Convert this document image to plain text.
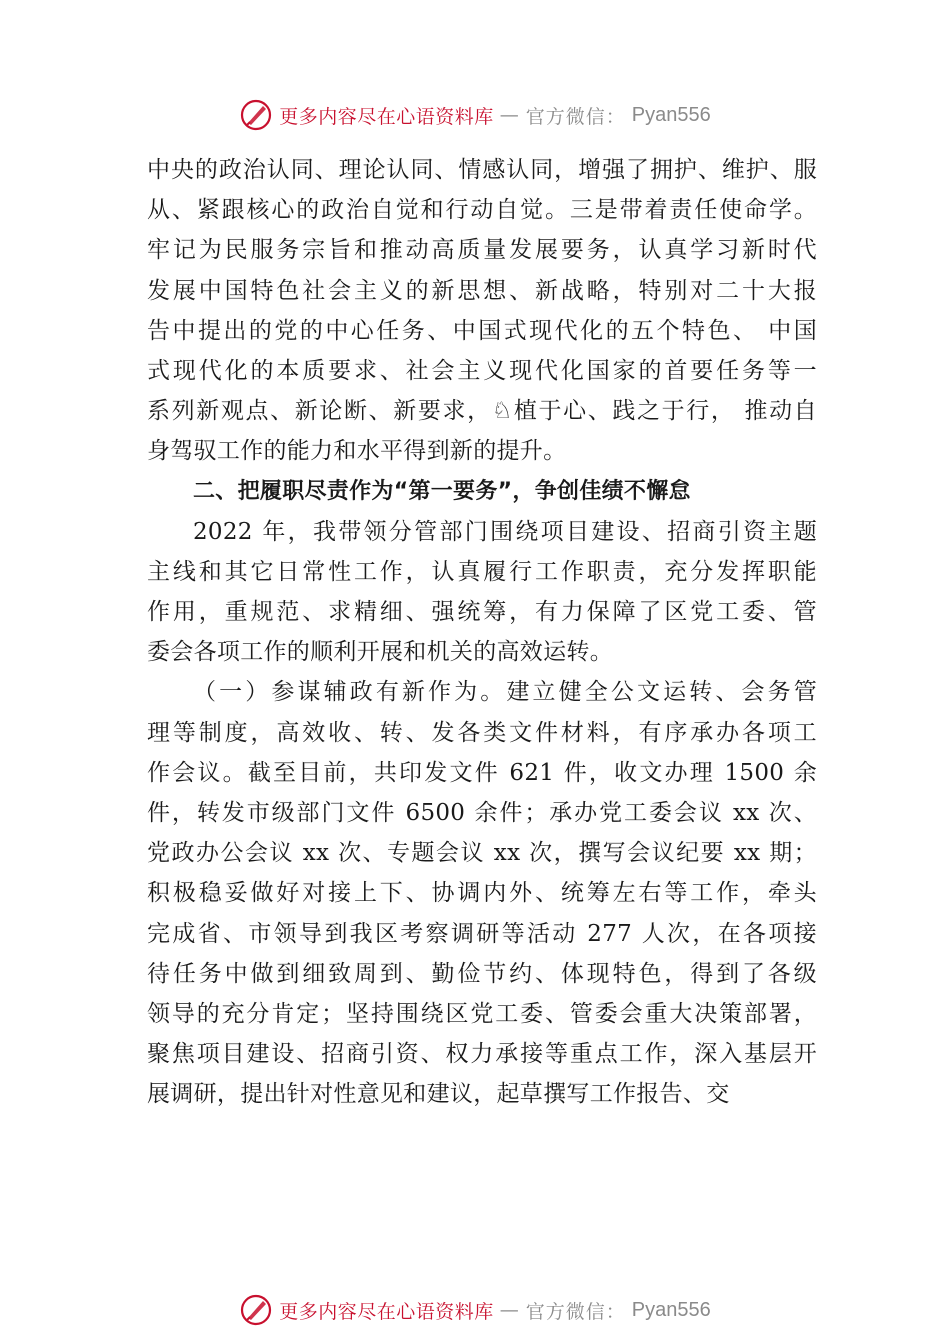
更多内容尽在心语资料库 — 官方微信： Pyan556
中央的政治认同、理论认同、情感认同，增强了拥护、维护、服
从、紧跟核心的政治自觉和行动自觉。三是带着责任使命学。
牢记为民服务宗旨和推动高质量发展要务，认真学习新时代
发展中国特色社会主义的新思想、新战略，特别对二十大报
告中提出的党的中心任务、中国式现代化的五个特色、 中国
式现代化的本质要求、社会主义现代化国家的首要任务等一
系列新观点、新论断、新要求，♘植于心、践之于行， 推动自
身驾驭工作的能力和水平得到新的提升。
二、把履职尽责作为“第一要务”，争创佳绩不懈怠
2022 年，我带领分管部门围绕项目建设、招商引资主题
主线和其它日常性工作，认真履行工作职责，充分发挥职能
作用，重规范、求精细、强统筹，有力保障了区党工委、管
委会各项工作的顺利开展和机关的高效运转。
（一）参谋辅政有新作为。建立健全公文运转、会务管
理等制度，高效收、转、发各类文件材料，有序承办各项工
作会议。截至目前，共印发文件 621 件，收文办理 1500 余
件，转发市级部门文件 6500 余件；承办党工委会议 xx 次、
党政办公会议 xx 次、专题会议 xx 次，撰写会议纪要 xx 期；
积极稳妥做好对接上下、协调内外、统筹左右等工作，牵头
完成省、市领导到我区考察调研等活动 277 人次，在各项接
待任务中做到细致周到、勤俭节约、体现特色，得到了各级
领导的充分肯定；坚持围绕区党工委、管委会重大决策部署，
聚焦项目建设、招商引资、权力承接等重点工作，深入基层开
展调研，提出针对性意见和建议，起草撰写工作报告、交
更多内容尽在心语资料库 — 官方微信： Pyan556
